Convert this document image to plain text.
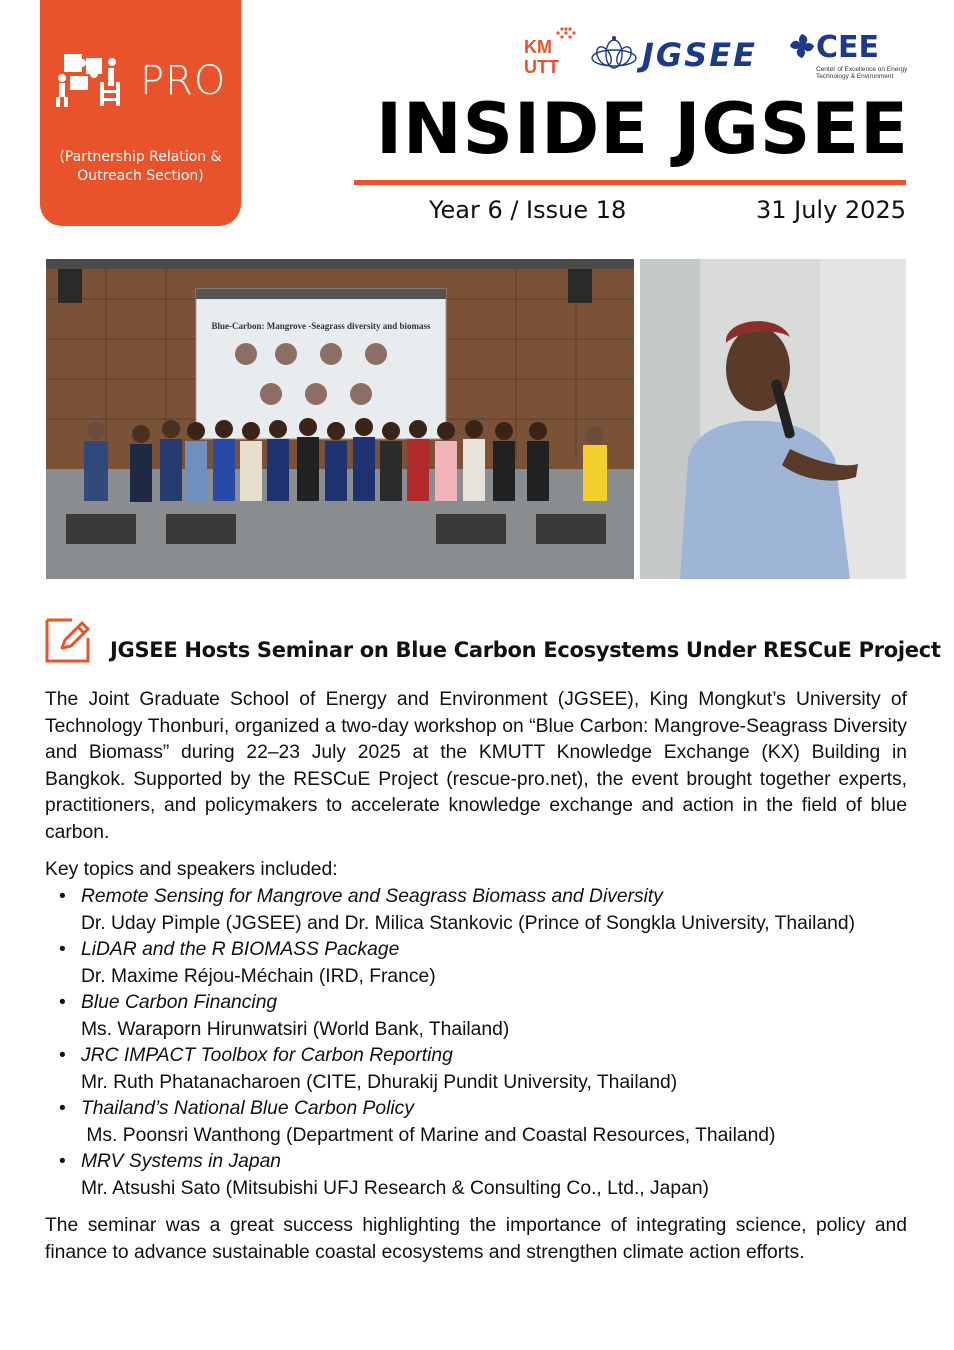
PRO
(Partnership Relation & Outreach Section)
KM
UTT	JGSEE CEE
Center of Excellence on Energy Technology & Environment
INSIDE JGSEE
Year 6 / Issue 18	31 July 2025
Blue-Carbon: Mangrove -Seagrass diversity and biomass
JGSEE Hosts Seminar on Blue Carbon Ecosystems Under RESCuE Project
The Joint Graduate School of Energy and Environment (JGSEE), King Mongkut’s University of Technology Thonburi, organized a two-day workshop on “Blue Carbon: Mangrove-Seagrass Diversity and Biomass” during 22–23 July 2025 at the KMUTT Knowledge Exchange (KX) Building in Bangkok. Supported by the RESCuE Project (rescue-pro.net), the event brought together experts, practitioners, and policymakers to accelerate knowledge exchange and action in the field of blue carbon.
Key topics and speakers included:
• Remote Sensing for Mangrove and Seagrass Biomass and Diversity
Dr. Uday Pimple (JGSEE) and Dr. Milica Stankovic (Prince of Songkla University, Thailand)
• LiDAR and the R BIOMASS Package
Dr. Maxime Réjou-Méchain (IRD, France)
• Blue Carbon Financing
Ms. Waraporn Hirunwatsiri (World Bank, Thailand)
• JRC IMPACT Toolbox for Carbon Reporting
Mr. Ruth Phatanacharoen (CITE, Dhurakij Pundit University, Thailand)
• Thailand’s National Blue Carbon Policy
Ms. Poonsri Wanthong (Department of Marine and Coastal Resources, Thailand)
• MRV Systems in Japan
Mr. Atsushi Sato (Mitsubishi UFJ Research & Consulting Co., Ltd., Japan)
The seminar was a great success highlighting the importance of integrating science, policy and finance to advance sustainable coastal ecosystems and strengthen climate action efforts.
